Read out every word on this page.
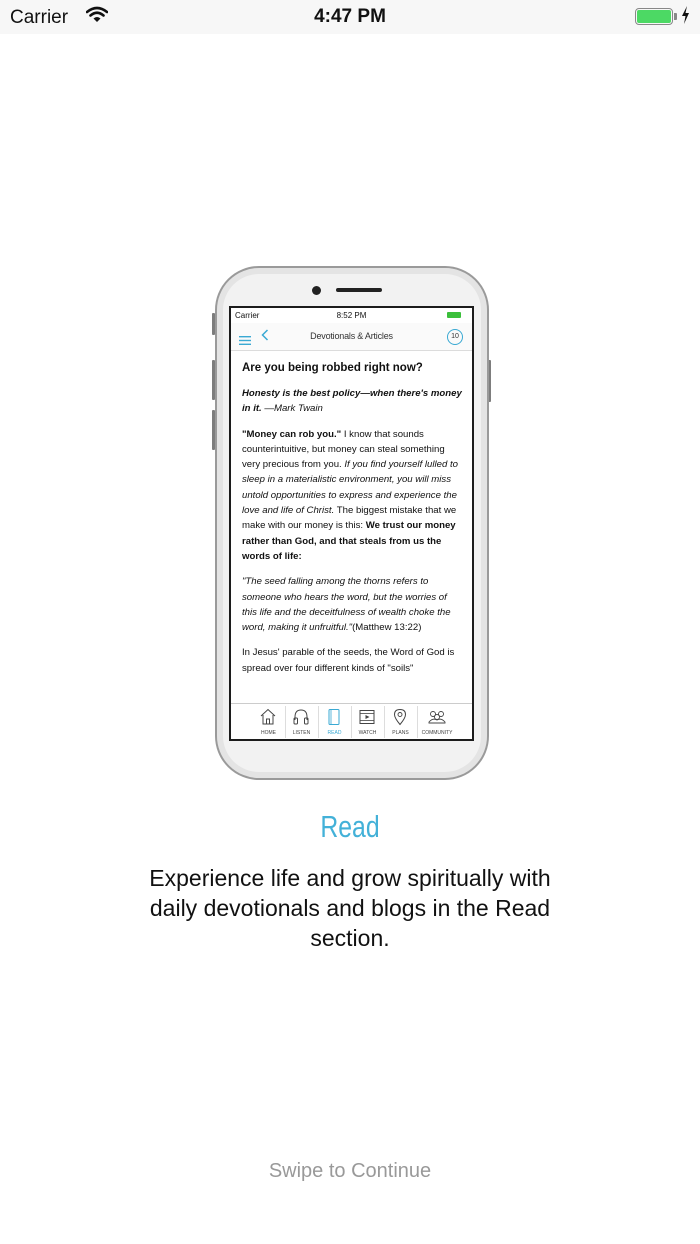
Carrier	4:47 PM
Carrier	8:52 PM
Devotionals & Articles	10

Are you being robbed right now?

Honesty is the best policy—when there's money in it. —Mark Twain

"Money can rob you." I know that sounds counterintuitive, but money can steal something very precious from you. If you find yourself lulled to sleep in a materialistic environment, you will miss untold opportunities to express and experience the love and life of Christ. The biggest mistake that we make with our money is this: We trust our money rather than God, and that steals from us the words of life:

"The seed falling among the thorns refers to someone who hears the word, but the worries of this life and the deceitfulness of wealth choke the word, making it unfruitful."(Matthew 13:22)

In Jesus' parable of the seeds, the Word of God is spread over four different kinds of "soils"

HOME	LISTEN	READ	WATCH	PLANS	COMMUNITY
Read
Experience life and grow spiritually with daily devotionals and blogs in the Read section.
Swipe to Continue
